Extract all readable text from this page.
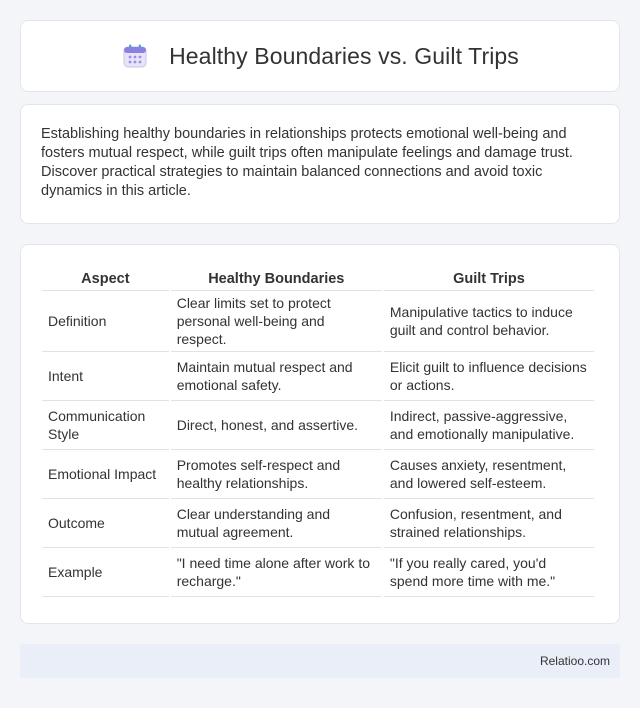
Healthy Boundaries vs. Guilt Trips

Establishing healthy boundaries in relationships protects emotional well-being and fosters mutual respect, while guilt trips often manipulate feelings and damage trust. Discover practical strategies to maintain balanced connections and avoid toxic dynamics in this article.

Aspect	Healthy Boundaries	Guilt Trips
Definition	Clear limits set to protect personal well-being and respect.	Manipulative tactics to induce guilt and control behavior.
Intent	Maintain mutual respect and emotional safety.	Elicit guilt to influence decisions or actions.
Communication Style	Direct, honest, and assertive.	Indirect, passive-aggressive, and emotionally manipulative.
Emotional Impact	Promotes self-respect and healthy relationships.	Causes anxiety, resentment, and lowered self-esteem.
Outcome	Clear understanding and mutual agreement.	Confusion, resentment, and strained relationships.
Example	"I need time alone after work to recharge."	"If you really cared, you'd spend more time with me."
Relatioo.com
